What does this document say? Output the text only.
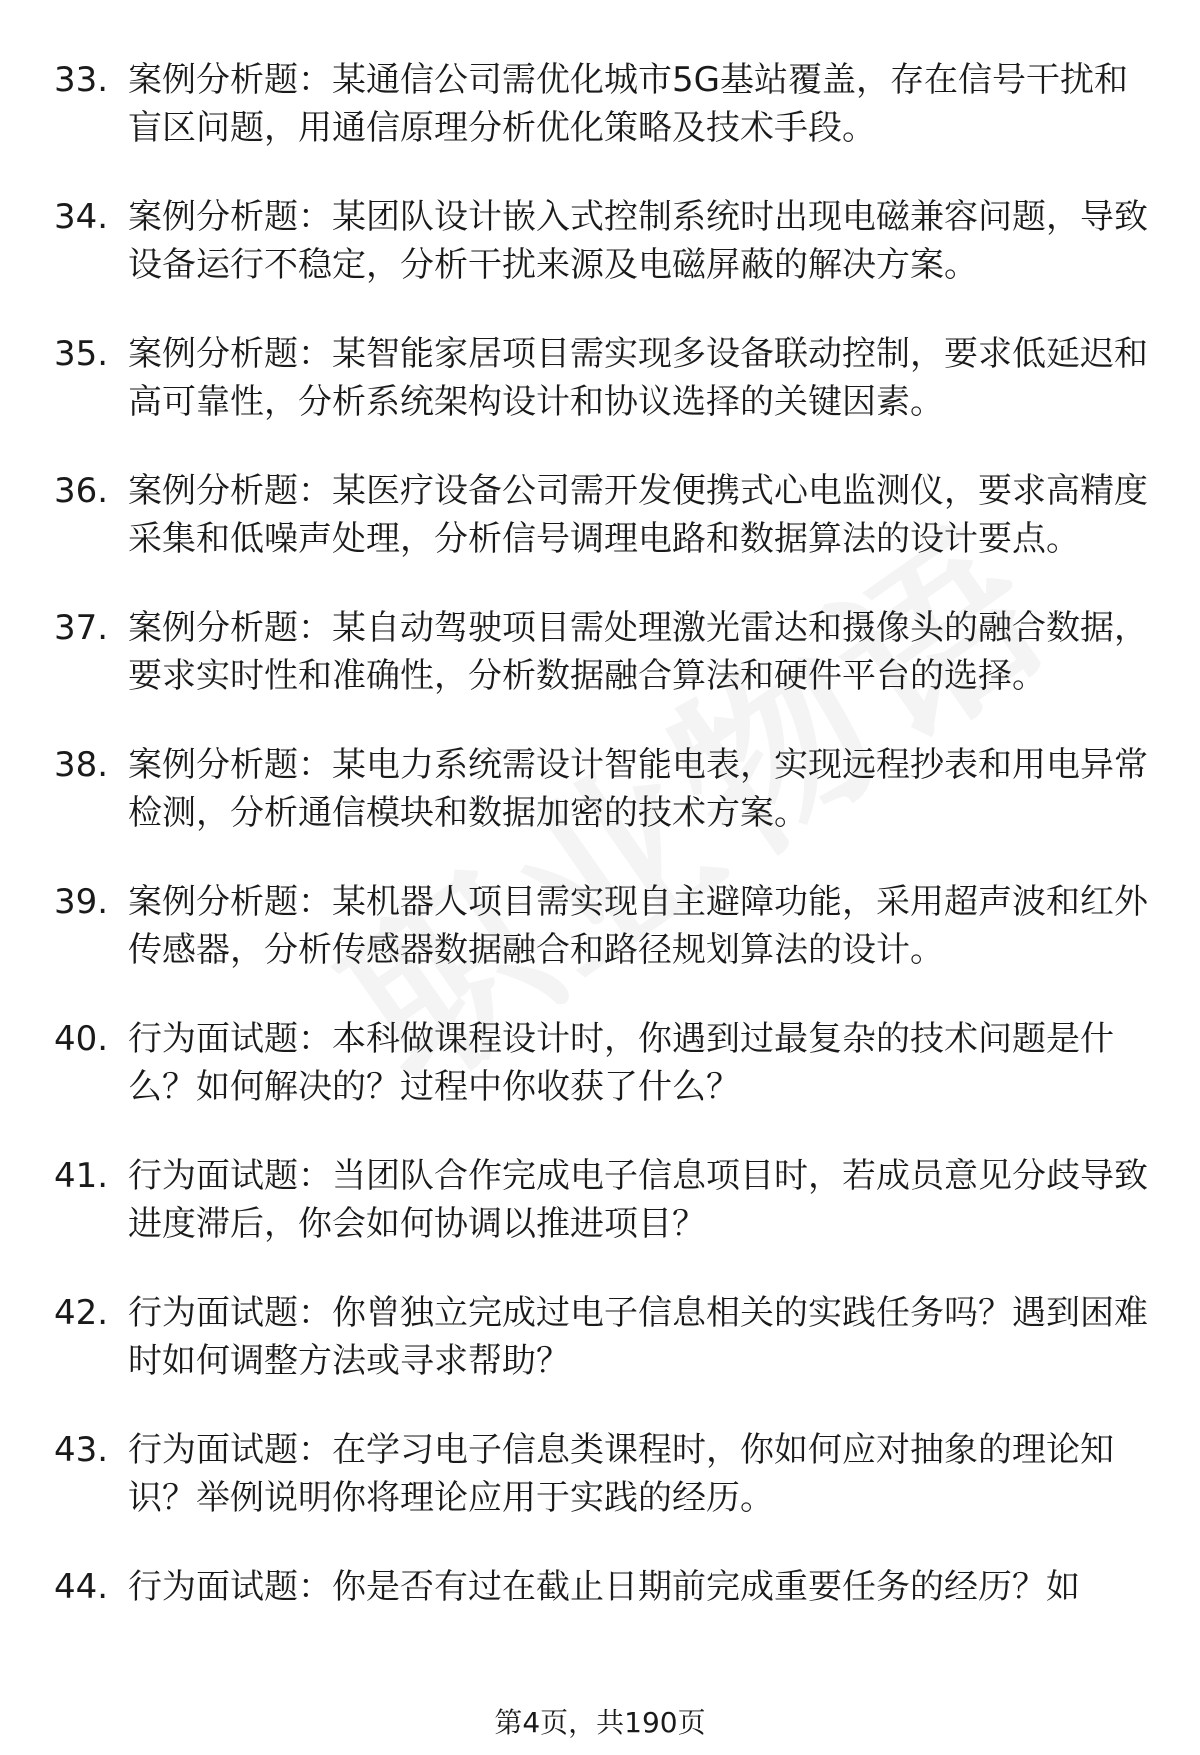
33. 案例分析题：某通信公司需优化城市5G基站覆盖，存在信号干扰和盲区问题，用通信原理分析优化策略及技术手段。
34. 案例分析题：某团队设计嵌入式控制系统时出现电磁兼容问题，导致设备运行不稳定，分析干扰来源及电磁屏蔽的解决方案。
35. 案例分析题：某智能家居项目需实现多设备联动控制，要求低延迟和高可靠性，分析系统架构设计和协议选择的关键因素。
36. 案例分析题：某医疗设备公司需开发便携式心电监测仪，要求高精度采集和低噪声处理，分析信号调理电路和数据算法的设计要点。
37. 案例分析题：某自动驾驶项目需处理激光雷达和摄像头的融合数据，要求实时性和准确性，分析数据融合算法和硬件平台的选择。
38. 案例分析题：某电力系统需设计智能电表，实现远程抄表和用电异常检测，分析通信模块和数据加密的技术方案。
39. 案例分析题：某机器人项目需实现自主避障功能，采用超声波和红外传感器，分析传感器数据融合和路径规划算法的设计。
40. 行为面试题：本科做课程设计时，你遇到过最复杂的技术问题是什么？如何解决的？过程中你收获了什么？
41. 行为面试题：当团队合作完成电子信息项目时，若成员意见分歧导致进度滞后，你会如何协调以推进项目？
42. 行为面试题：你曾独立完成过电子信息相关的实践任务吗？遇到困难时如何调整方法或寻求帮助？
43. 行为面试题：在学习电子信息类课程时，你如何应对抽象的理论知识？举例说明你将理论应用于实践的经历。
44. 行为面试题：你是否有过在截止日期前完成重要任务的经历？如
第4页，共190页
